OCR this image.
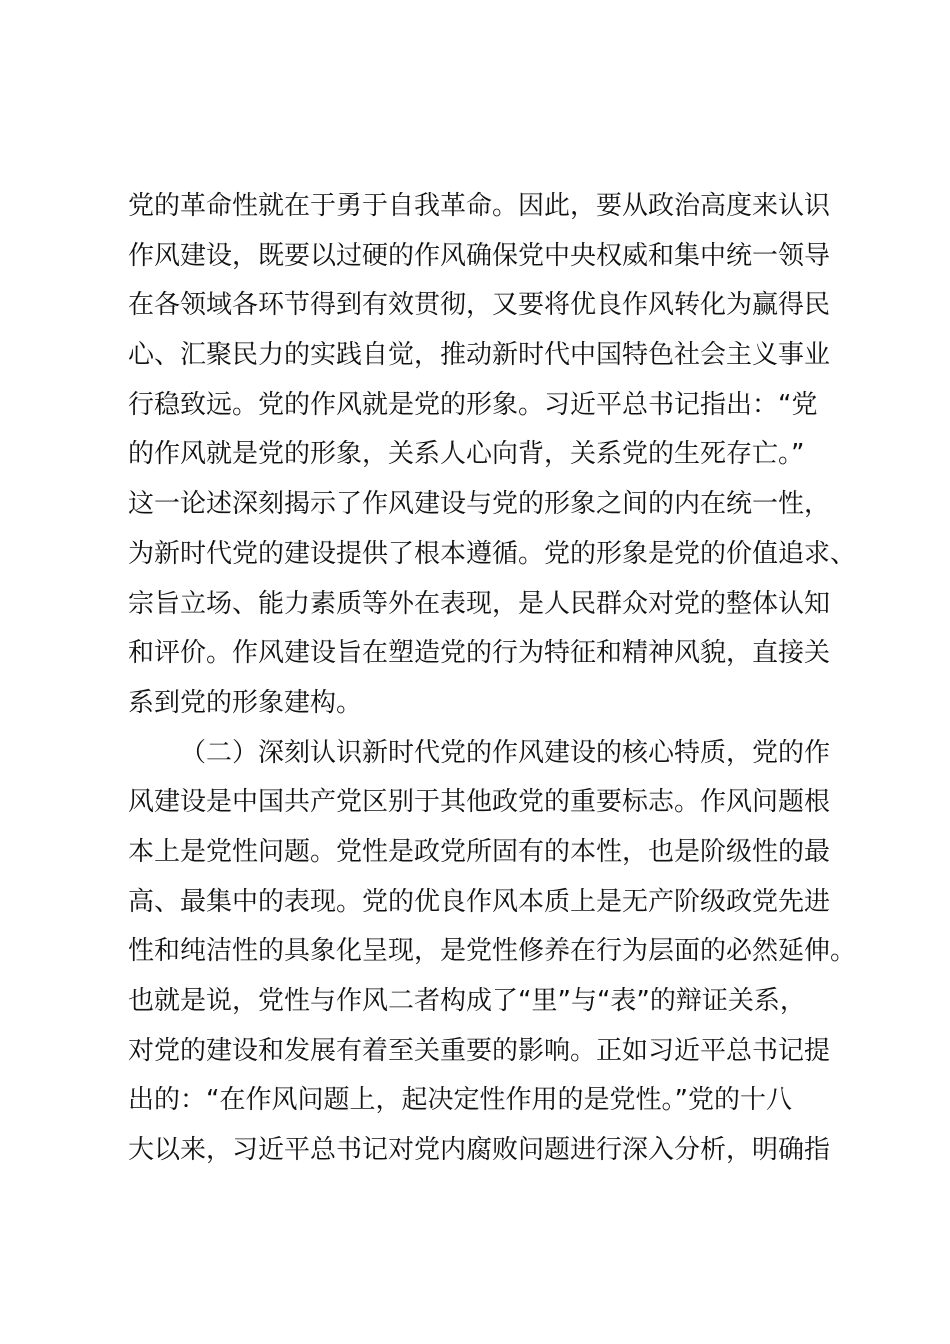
党的革命性就在于勇于自我革命。因此，要从政治高度来认识
作风建设，既要以过硬的作风确保党中央权威和集中统一领导
在各领域各环节得到有效贯彻，又要将优良作风转化为赢得民
心、汇聚民力的实践自觉，推动新时代中国特色社会主义事业
行稳致远。党的作风就是党的形象。习近平总书记指出：“党
的作风就是党的形象，关系人心向背，关系党的生死存亡。”
这一论述深刻揭示了作风建设与党的形象之间的内在统一性，
为新时代党的建设提供了根本遵循。党的形象是党的价值追求、
宗旨立场、能力素质等外在表现，是人民群众对党的整体认知
和评价。作风建设旨在塑造党的行为特征和精神风貌，直接关
系到党的形象建构。
（二）深刻认识新时代党的作风建设的核心特质，党的作
风建设是中国共产党区别于其他政党的重要标志。作风问题根
本上是党性问题。党性是政党所固有的本性，也是阶级性的最
高、最集中的表现。党的优良作风本质上是无产阶级政党先进
性和纯洁性的具象化呈现，是党性修养在行为层面的必然延伸。
也就是说，党性与作风二者构成了“里”与“表”的辩证关系，
对党的建设和发展有着至关重要的影响。正如习近平总书记提
出的：“在作风问题上，起决定性作用的是党性。”党的十八
大以来，习近平总书记对党内腐败问题进行深入分析，明确指
